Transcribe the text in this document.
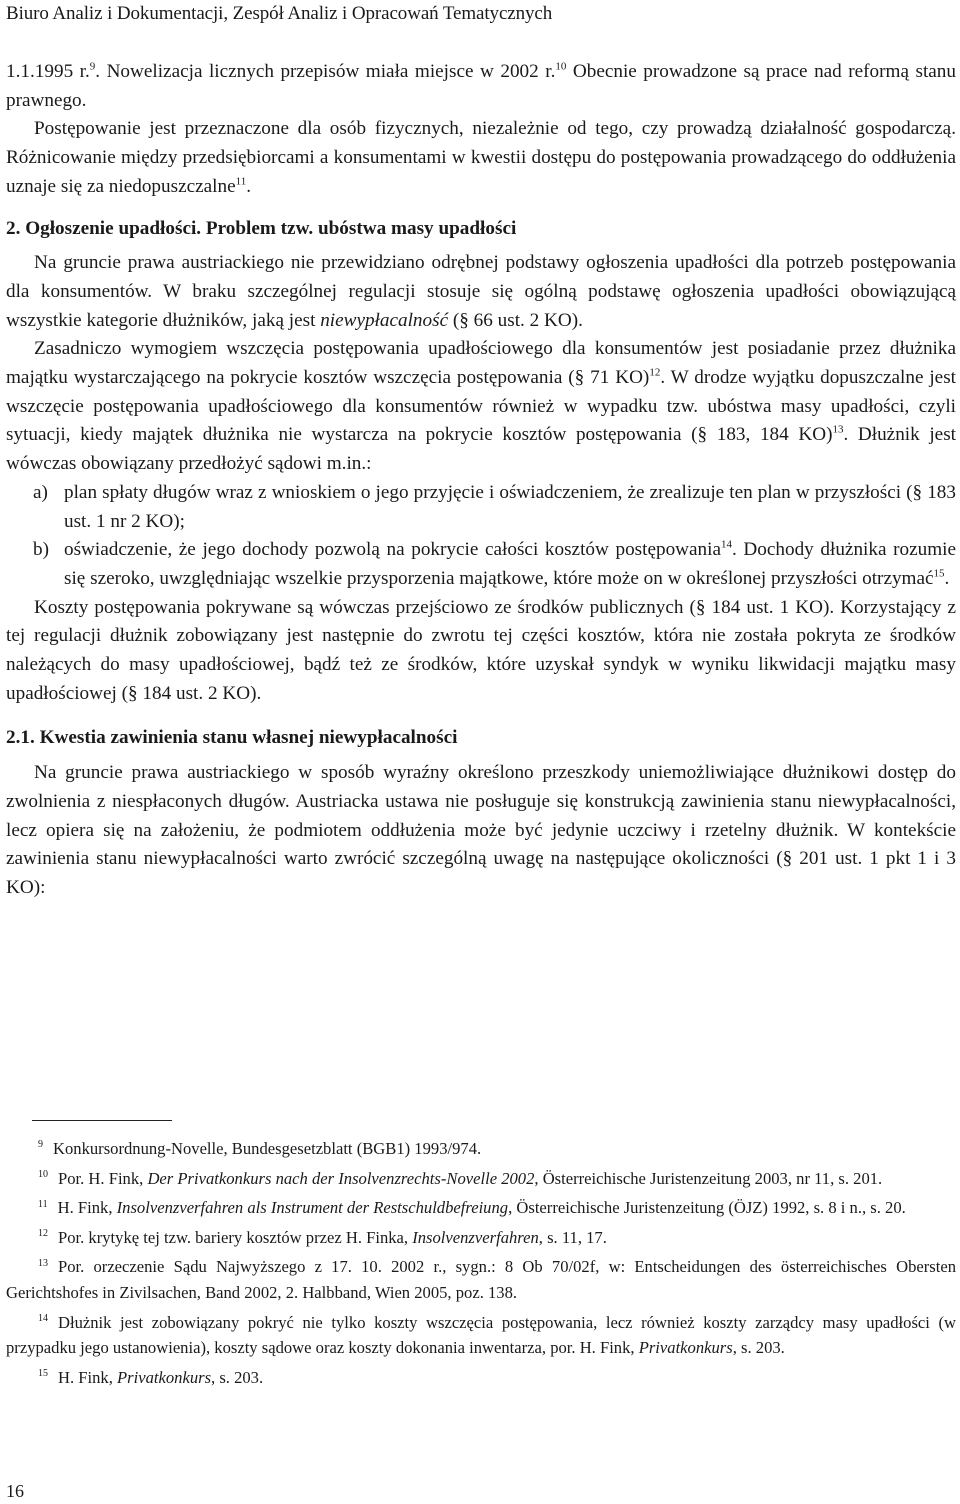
Biuro Analiz i Dokumentacji, Zespół Analiz i Opracowań Tematycznych

1.1.1995 r.$^9$. Nowelizacja licznych przepisów miała miejsce w 2002 r.$^{10}$ Obecnie prowadzone są prace nad reformą stanu prawnego.

Postępowanie jest przeznaczone dla osób fizycznych, niezależnie od tego, czy prowadzą działalność gospodarczą. Różnicowanie między przedsiębiorcami a konsumentami w kwestii dostępu do postępowania prowadzącego do oddłużenia uznaje się za niedopuszczalne$^{11}$.

2. Ogłoszenie upadłości. Problem tzw. ubóstwa masy upadłości

Na gruncie prawa austriackiego nie przewidziano odrębnej podstawy ogłoszenia upadłości dla potrzeb postępowania dla konsumentów. W braku szczególnej regulacji stosuje się ogólną podstawę ogłoszenia upadłości obowiązującą wszystkie kategorie dłużników, jaką jest niewypłacalność (§ 66 ust. 2 KO).

Zasadniczo wymogiem wszczęcia postępowania upadłościowego dla konsumentów jest posiadanie przez dłużnika majątku wystarczającego na pokrycie kosztów wszczęcia postępowania (§ 71 KO)$^{12}$. W drodze wyjątku dopuszczalne jest wszczęcie postępowania upadłościowego dla konsumentów również w wypadku tzw. ubóstwa masy upadłości, czyli sytuacji, kiedy majątek dłużnika nie wystarcza na pokrycie kosztów postępowania (§ 183, 184 KO)$^{13}$. Dłużnik jest wówczas obowiązany przedłożyć sądowi m.in.:

a) plan spłaty długów wraz z wnioskiem o jego przyjęcie i oświadczeniem, że zrealizuje ten plan w przyszłości (§ 183 ust. 1 nr 2 KO);
b) oświadczenie, że jego dochody pozwolą na pokrycie całości kosztów postępowania$^{14}$. Dochody dłużnika rozumie się szeroko, uwzględniając wszelkie przysporzenia majątkowe, które może on w określonej przyszłości otrzymać$^{15}$.

Koszty postępowania pokrywane są wówczas przejściowo ze środków publicznych (§ 184 ust. 1 KO). Korzystający z tej regulacji dłużnik zobowiązany jest następnie do zwrotu tej części kosztów, która nie została pokryta ze środków należących do masy upadłościowej, bądź też ze środków, które uzyskał syndyk w wyniku likwidacji majątku masy upadłościowej (§ 184 ust. 2 KO).

2.1. Kwestia zawinienia stanu własnej niewypłacalności

Na gruncie prawa austriackiego w sposób wyraźny określono przeszkody uniemożliwiające dłużnikowi dostęp do zwolnienia z niespłaconych długów. Austriacka ustawa nie posługuje się konstrukcją zawinienia stanu niewypłacalności, lecz opiera się na założeniu, że podmiotem oddłużenia może być jedynie uczciwy i rzetelny dłużnik. W kontekście zawinienia stanu niewypłacalności warto zwrócić szczególną uwagę na następujące okoliczności (§ 201 ust. 1 pkt 1 i 3 KO):

$^9$ Konkursordnung-Novelle, Bundesgesetzblatt (BGB1) 1993/974.

$^{10}$ Por. H. Fink, Der Privatkonkurs nach der Insolvenzrechts-Novelle 2002, Österreichische Juristenzeitung 2003, nr 11, s. 201.

$^{11}$ H. Fink, Insolvenzverfahren als Instrument der Restschuldbefreiung, Österreichische Juristenzeitung (ÖJZ) 1992, s. 8 i n., s. 20.

$^{12}$ Por. krytykę tej tzw. bariery kosztów przez H. Finka, Insolvenzverfahren, s. 11, 17.

$^{13}$ Por. orzeczenie Sądu Najwyższego z 17. 10. 2002 r., sygn.: 8 Ob 70/02f, w: Entscheidungen des österreichisches Obersten Gerichtshofes in Zivilsachen, Band 2002, 2. Halbband, Wien 2005, poz. 138.

$^{14}$ Dłużnik jest zobowiązany pokryć nie tylko koszty wszczęcia postępowania, lecz również koszty zarządcy masy upadłości (w przypadku jego ustanowienia), koszty sądowe oraz koszty dokonania inwentarza, por. H. Fink, Privatkonkurs, s. 203.

$^{15}$ H. Fink, Privatkonkurs, s. 203.

16
